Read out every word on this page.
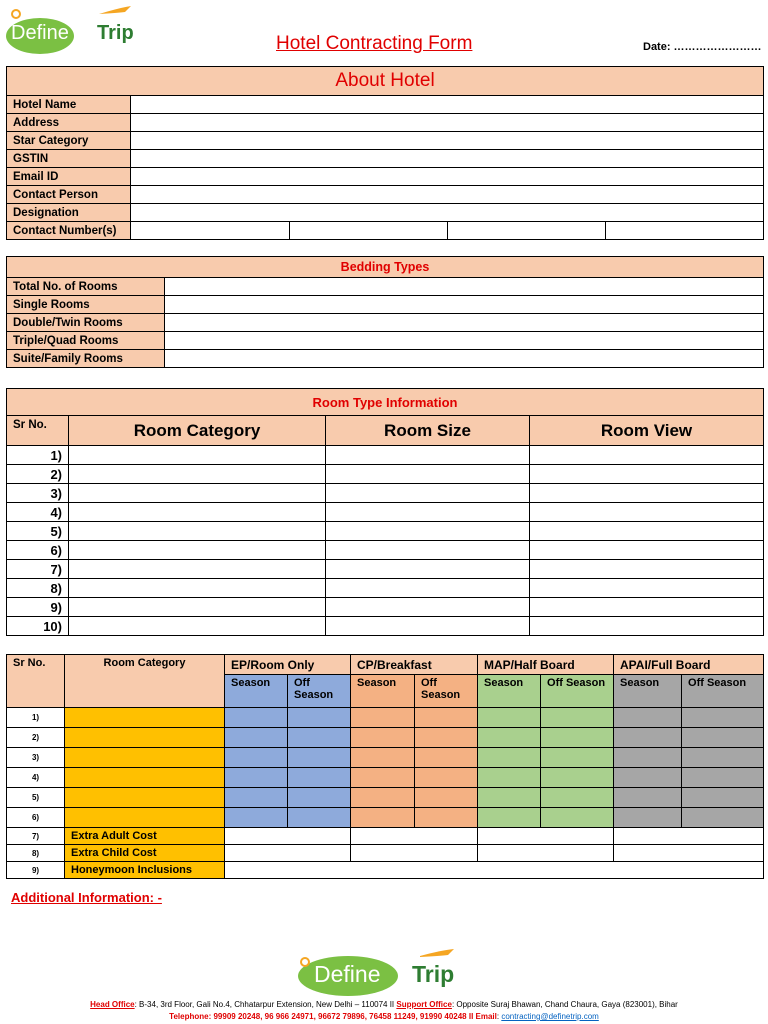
Define Trip	Hotel Contracting Form	Date: ……………………
About Hotel				
Hotel Name				
Address				
Star Category				
GSTIN				
Email ID				
Contact Person				
Designation				
Contact Number(s)				
Bedding Types	
Total No. of Rooms	
Single Rooms	
Double/Twin Rooms	
Triple/Quad Rooms	
Suite/Family Rooms	
Room Type Information			
Sr No.	Room Category	Room Size	Room View
1)			
2)			
3)			
4)			
5)			
6)			
7)			
8)			
9)			
10)			
Sr No.	Room Category	EP/Room Only		CP/Breakfast		MAP/Half Board		APAI/Full Board	
		Season	Off Season	Season	Off Season	Season	Off Season	Season	Off Season
1)									
2)									
3)									
4)									
5)									
6)									
7)	Extra Adult Cost								
8)	Extra Child Cost								
9)	Honeymoon Inclusions								
Additional Information: -
Define Trip
Head Office: B-34, 3rd Floor, Gali No.4, Chhatarpur Extension, New Delhi – 110074 II Support Office: Opposite Suraj Bhawan, Chand Chaura, Gaya (823001), Bihar
Telephone: 99909 20248, 96 966 24971, 96672 79896, 76458 11249, 91990 40248 II Email: contracting@definetrip.com
